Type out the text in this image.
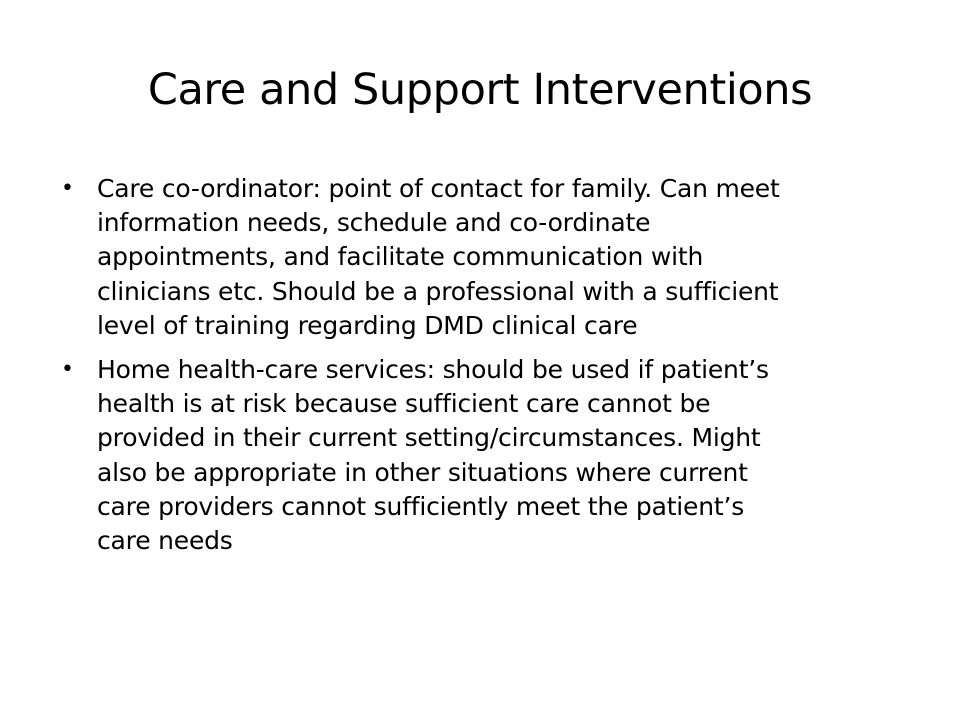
Care and Support Interventions
• Care co-ordinator: point of contact for family. Can meet
information needs, schedule and co-ordinate
appointments, and facilitate communication with
clinicians etc. Should be a professional with a sufficient
level of training regarding DMD clinical care
• Home health-care services: should be used if patient’s
health is at risk because sufficient care cannot be
provided in their current setting/circumstances. Might
also be appropriate in other situations where current
care providers cannot sufficiently meet the patient’s
care needs
